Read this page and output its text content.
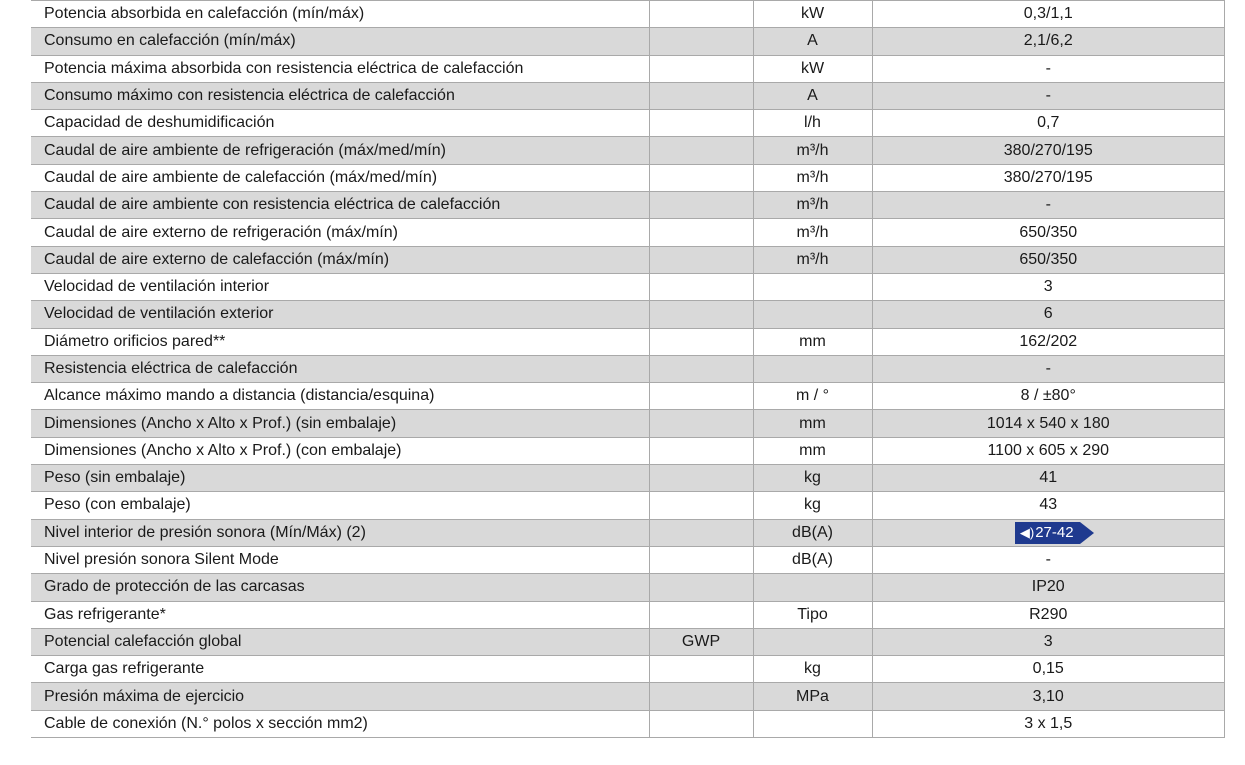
Potencia absorbida en calefacción (mín/máx)		kW	0,3/1,1
Consumo en calefacción (mín/máx)		A	2,1/6,2
Potencia máxima absorbida con resistencia eléctrica de calefacción		kW	-
Consumo máximo con resistencia eléctrica de calefacción		A	-
Capacidad de deshumidificación		l/h	0,7
Caudal de aire ambiente de refrigeración (máx/med/mín)		m³/h	380/270/195
Caudal de aire ambiente de calefacción (máx/med/mín)		m³/h	380/270/195
Caudal de aire ambiente con resistencia eléctrica de calefacción		m³/h	-
Caudal de aire externo de refrigeración (máx/mín)		m³/h	650/350
Caudal de aire externo de calefacción (máx/mín)		m³/h	650/350
Velocidad de ventilación interior			3
Velocidad de ventilación exterior			6
Diámetro orificios pared**		mm	162/202
Resistencia eléctrica de calefacción			-
Alcance máximo mando a distancia (distancia/esquina)		m / °	8 / ±80°
Dimensiones (Ancho x Alto x Prof.) (sin embalaje)		mm	1014 x 540 x 180
Dimensiones (Ancho x Alto x Prof.) (con embalaje)		mm	1100 x 605 x 290
Peso (sin embalaje)		kg	41
Peso (con embalaje)		kg	43
Nivel interior de presión sonora (Mín/Máx) (2)		dB(A)	◀)27-42
Nivel presión sonora Silent Mode		dB(A)	-
Grado de protección de las carcasas			IP20
Gas refrigerante*		Tipo	R290
Potencial calefacción global	GWP		3
Carga gas refrigerante		kg	0,15
Presión máxima de ejercicio		MPa	3,10
Cable de conexión (N.° polos x sección mm2)			3 x 1,5
